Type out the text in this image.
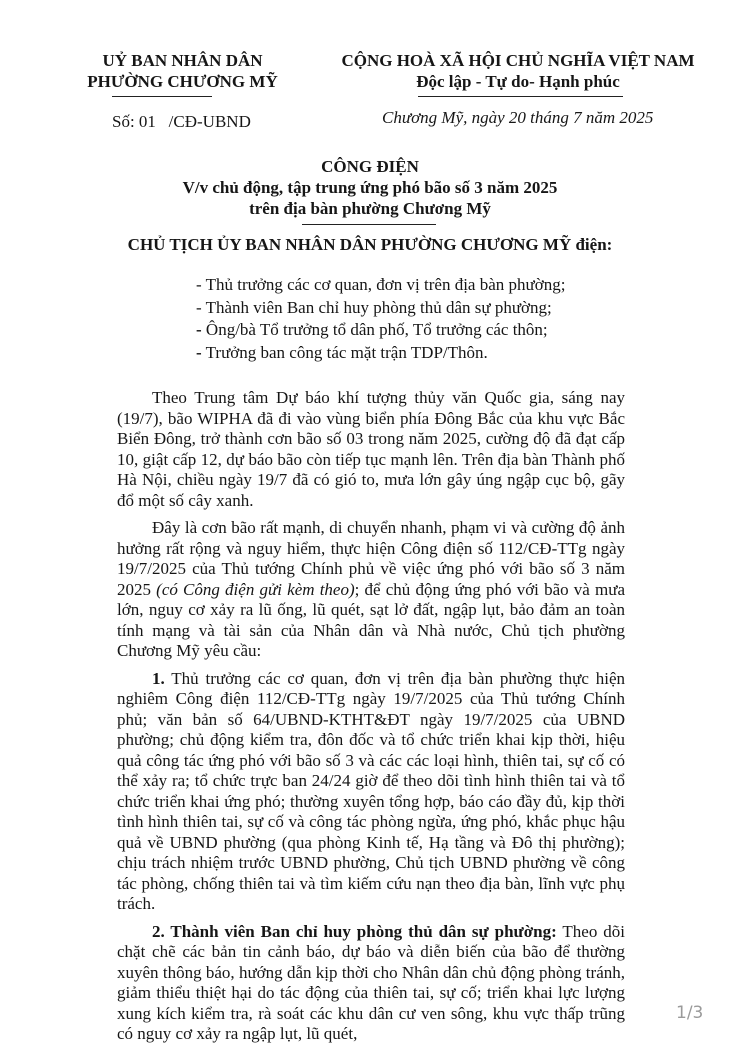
UỶ BAN NHÂN DÂN
PHƯỜNG CHƯƠNG MỸ
CỘNG HOÀ XÃ HỘI CHỦ NGHĨA VIỆT NAM
Độc lập - Tự do- Hạnh phúc
Số: 01   /CĐ-UBND	Chương Mỹ, ngày 20 tháng 7 năm 2025
CÔNG ĐIỆN
V/v chủ động, tập trung ứng phó bão số 3 năm 2025
trên địa bàn phường Chương Mỹ
CHỦ TỊCH ỦY BAN NHÂN DÂN PHƯỜNG CHƯƠNG MỸ điện:
- Thủ trưởng các cơ quan, đơn vị trên địa bàn phường;
- Thành viên Ban chỉ huy phòng thủ dân sự phường;
- Ông/bà Tổ trưởng tổ dân phố, Tổ trưởng các thôn;
- Trưởng ban công tác mặt trận TDP/Thôn.

Theo Trung tâm Dự báo khí tượng thủy văn Quốc gia, sáng nay (19/7), bão WIPHA đã đi vào vùng biển phía Đông Bắc của khu vực Bắc Biển Đông, trở thành cơn bão số 03 trong năm 2025, cường độ đã đạt cấp 10, giật cấp 12, dự báo bão còn tiếp tục mạnh lên. Trên địa bàn Thành phố Hà Nội, chiều ngày 19/7 đã có gió to, mưa lớn gây úng ngập cục bộ, gãy đổ một số cây xanh.

Đây là cơn bão rất mạnh, di chuyển nhanh, phạm vi và cường độ ảnh hưởng rất rộng và nguy hiểm, thực hiện Công điện số 112/CĐ-TTg ngày 19/7/2025 của Thủ tướng Chính phủ về việc ứng phó với bão số 3 năm 2025 (có Công điện gửi kèm theo); để chủ động ứng phó với bão và mưa lớn, nguy cơ xảy ra lũ ống, lũ quét, sạt lở đất, ngập lụt, bảo đảm an toàn tính mạng và tài sản của Nhân dân và Nhà nước, Chủ tịch phường Chương Mỹ yêu cầu:

1. Thủ trưởng các cơ quan, đơn vị trên địa bàn phường thực hiện nghiêm Công điện 112/CĐ-TTg ngày 19/7/2025 của Thủ tướng Chính phủ; văn bản số 64/UBND-KTHT&ĐT ngày 19/7/2025 của UBND phường; chủ động kiểm tra, đôn đốc và tổ chức triển khai kịp thời, hiệu quả công tác ứng phó với bão số 3 và các các loại hình, thiên tai, sự cố có thể xảy ra; tổ chức trực ban 24/24 giờ để theo dõi tình hình thiên tai và tổ chức triển khai ứng phó; thường xuyên tổng hợp, báo cáo đầy đủ, kịp thời tình hình thiên tai, sự cố và công tác phòng ngừa, ứng phó, khắc phục hậu quả về UBND phường (qua phòng Kinh tế, Hạ tầng và Đô thị phường); chịu trách nhiệm trước UBND phường, Chủ tịch UBND phường về công tác phòng, chống thiên tai và tìm kiếm cứu nạn theo địa bàn, lĩnh vực phụ trách.

2. Thành viên Ban chỉ huy phòng thủ dân sự phường: Theo dõi chặt chẽ các bản tin cảnh báo, dự báo và diễn biến của bão để thường xuyên thông báo, hướng dẫn kịp thời cho Nhân dân chủ động phòng tránh, giảm thiểu thiệt hại do tác động của thiên tai, sự cố; triển khai lực lượng xung kích kiểm tra, rà soát các khu dân cư ven sông, khu vực thấp trũng có nguy cơ xảy ra ngập lụt, lũ quét,

1/3
